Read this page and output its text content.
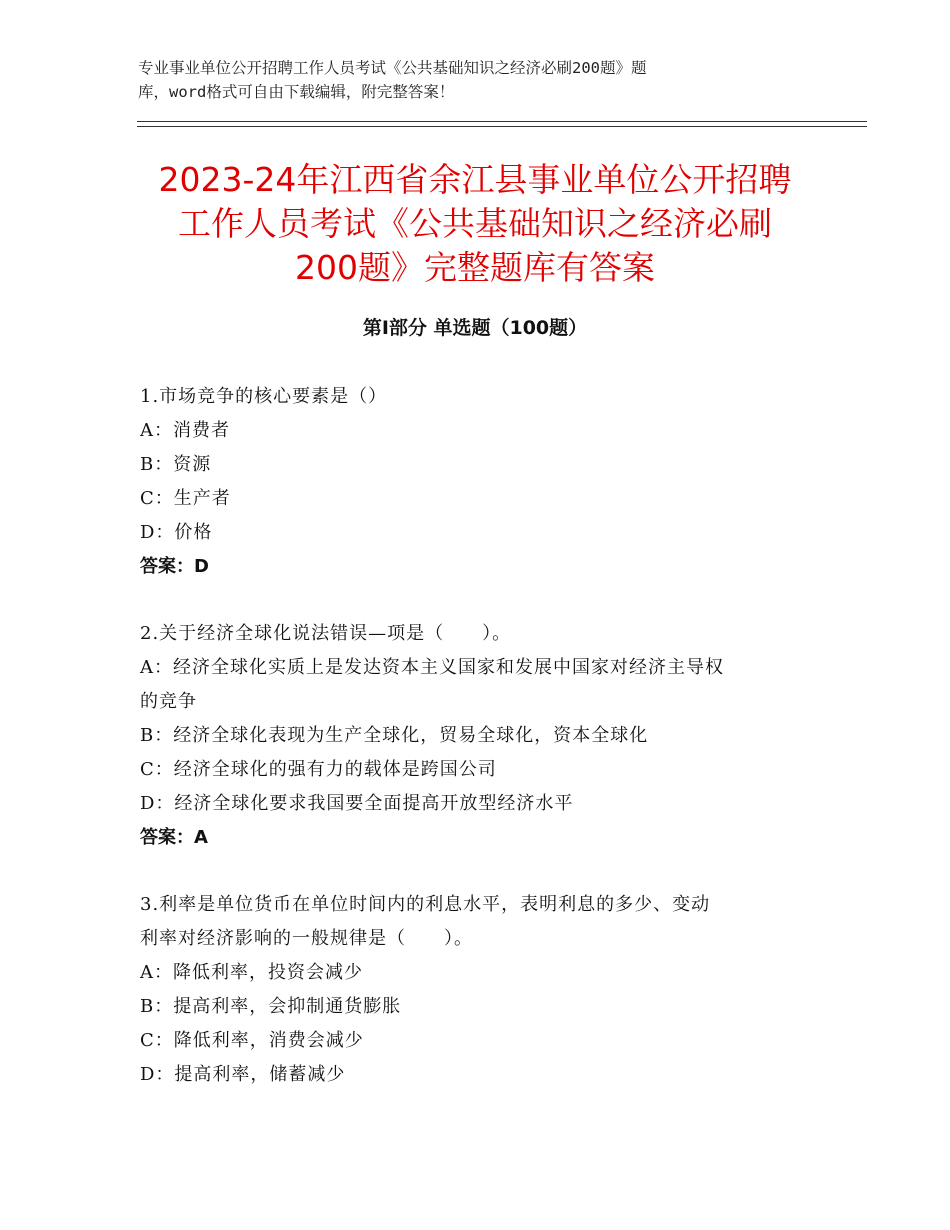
专业事业单位公开招聘工作人员考试《公共基础知识之经济必刷200题》题
库，word格式可自由下载编辑，附完整答案！
2023-24年江西省余江县事业单位公开招聘
工作人员考试《公共基础知识之经济必刷
200题》完整题库有答案
第Ⅰ部分 单选题（100题）
1.市场竞争的核心要素是（）
A：消费者
B：资源
C：生产者
D：价格
答案：D
2.关于经济全球化说法错误—项是（　　）。
A：经济全球化实质上是发达资本主义国家和发展中国家对经济主导权
的竞争
B：经济全球化表现为生产全球化，贸易全球化，资本全球化
C：经济全球化的强有力的载体是跨国公司
D：经济全球化要求我国要全面提高开放型经济水平
答案：A
3.利率是单位货币在单位时间内的利息水平，表明利息的多少、变动
利率对经济影响的一般规律是（　　）。
A：降低利率，投资会减少
B：提高利率，会抑制通货膨胀
C：降低利率，消费会减少
D：提高利率，储蓄减少
